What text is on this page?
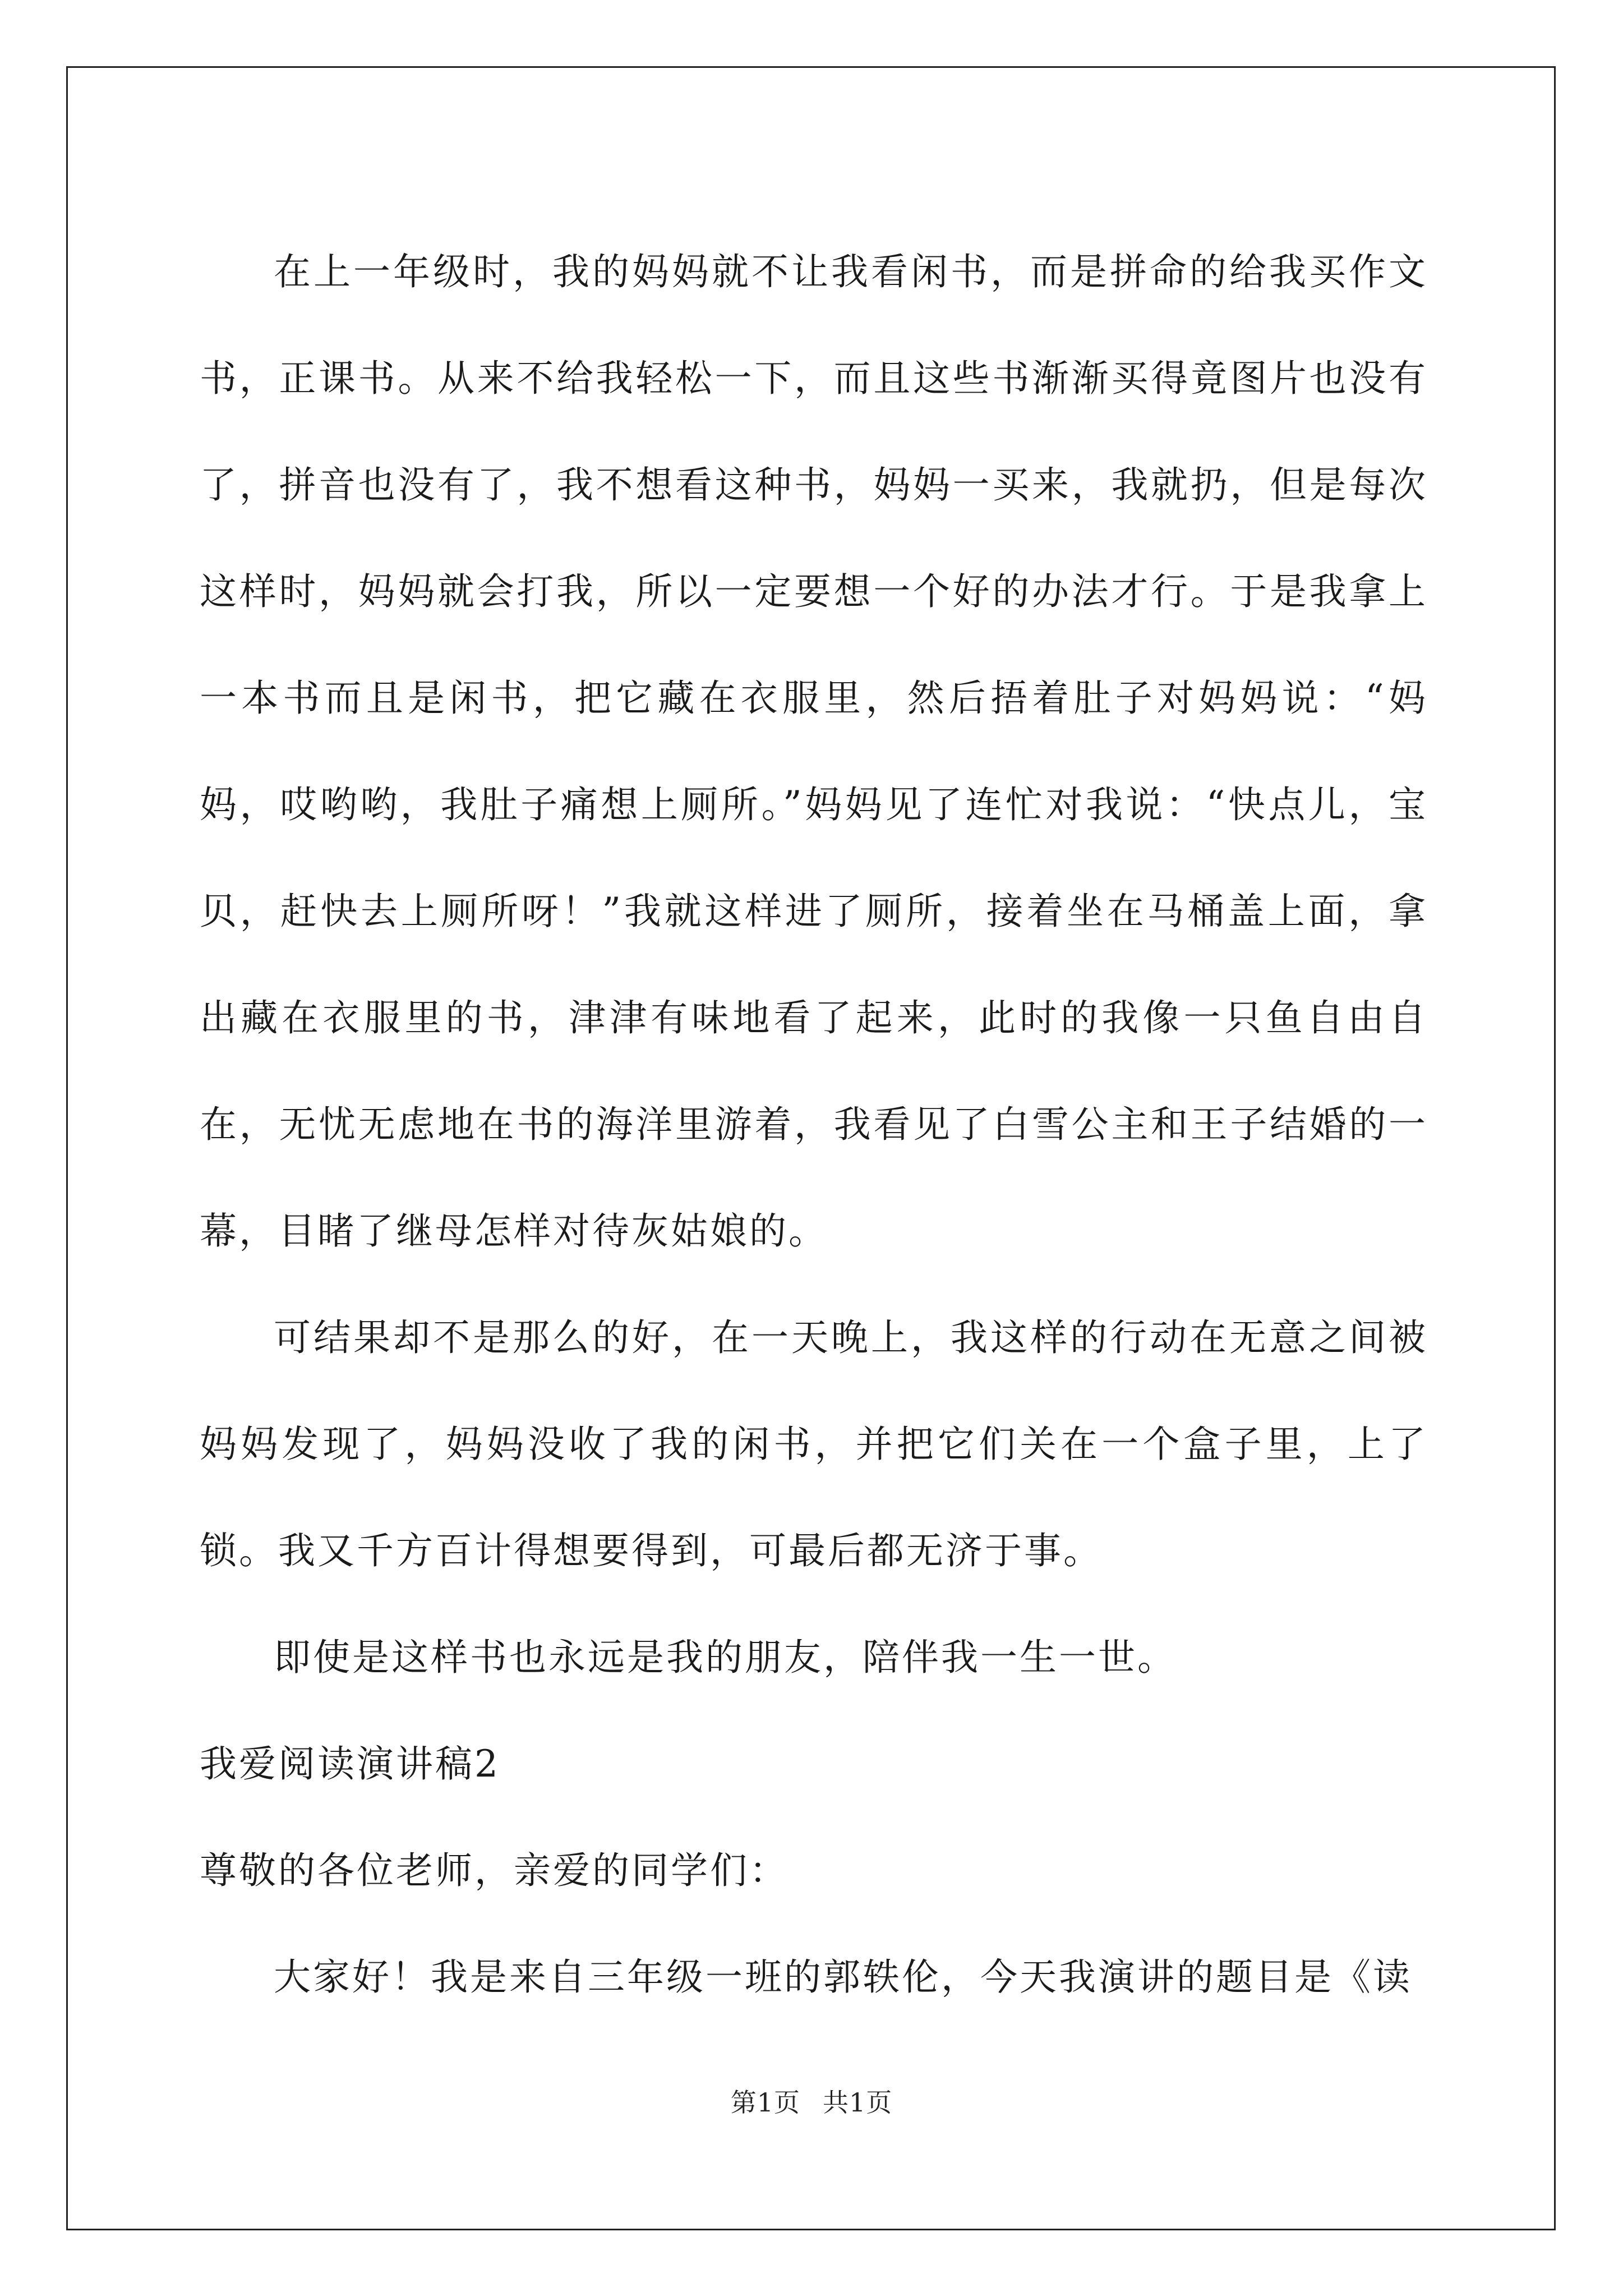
在上一年级时，我的妈妈就不让我看闲书，而是拼命的给我买作文书，正课书。从来不给我轻松一下，而且这些书渐渐买得竟图片也没有了，拼音也没有了，我不想看这种书，妈妈一买来，我就扔，但是每次这样时，妈妈就会打我，所以一定要想一个好的办法才行。于是我拿上一本书而且是闲书，把它藏在衣服里，然后捂着肚子对妈妈说：“妈妈，哎哟哟，我肚子痛想上厕所。”妈妈见了连忙对我说：“快点儿，宝贝，赶快去上厕所呀！”我就这样进了厕所，接着坐在马桶盖上面，拿出藏在衣服里的书，津津有味地看了起来，此时的我像一只鱼自由自在，无忧无虑地在书的海洋里游着，我看见了白雪公主和王子结婚的一幕，目睹了继母怎样对待灰姑娘的。

可结果却不是那么的好，在一天晚上，我这样的行动在无意之间被妈妈发现了，妈妈没收了我的闲书，并把它们关在一个盒子里，上了锁。我又千方百计得想要得到，可最后都无济于事。

即使是这样书也永远是我的朋友，陪伴我一生一世。

我爱阅读演讲稿2

尊敬的各位老师，亲爱的同学们：

大家好！我是来自三年级一班的郭轶伦，今天我演讲的题目是《读

第1页 共1页
